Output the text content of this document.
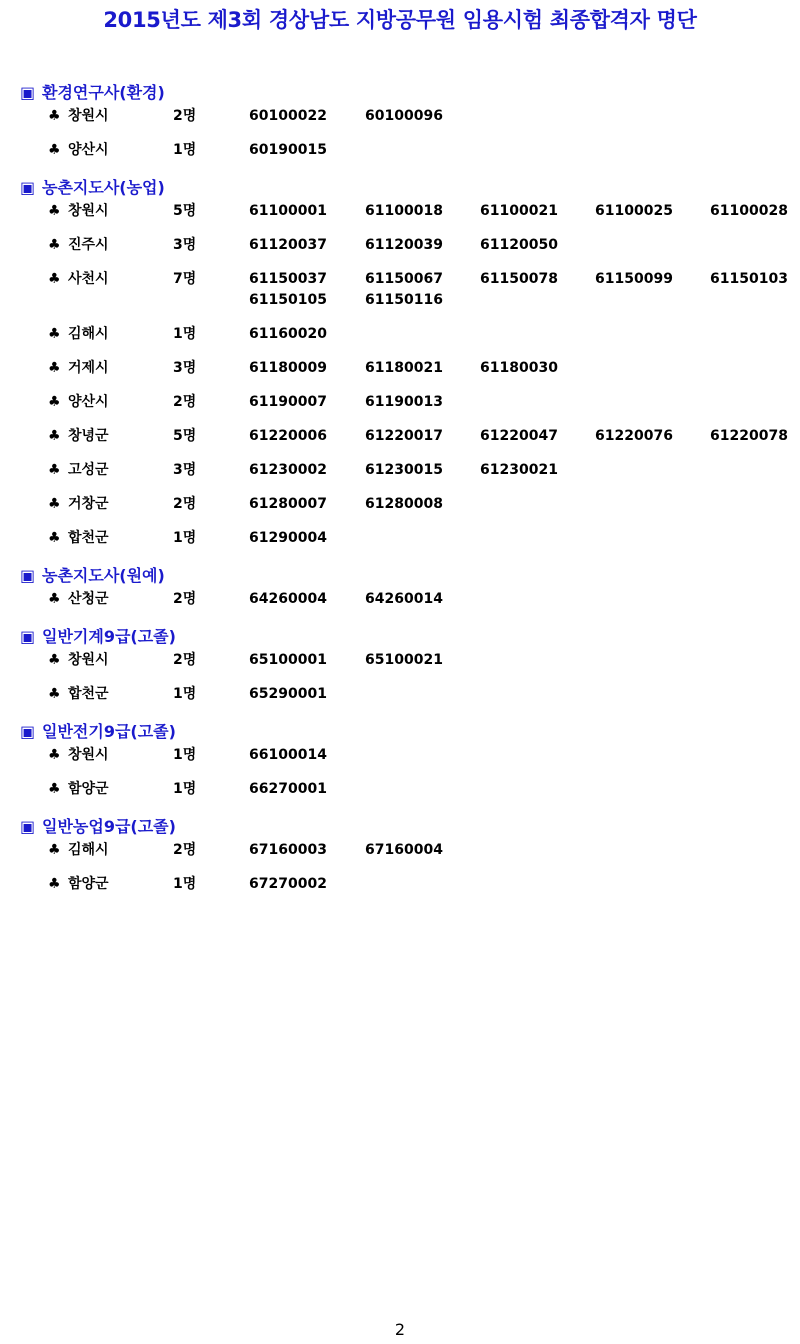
2015년도 제3회 경상남도 지방공무원 임용시험 최종합격자 명단
▣ 환경연구사(환경)
♣ 창원시	2명	60100022	60100096
♣ 양산시	1명	60190015
▣ 농촌지도사(농업)
♣ 창원시	5명	61100001	61100018	61100021	61100025	61100028
♣ 진주시	3명	61120037	61120039	61120050
♣ 사천시	7명	61150037	61150067	61150078	61150099	61150103
61150105	61150116
♣ 김해시	1명	61160020
♣ 거제시	3명	61180009	61180021	61180030
♣ 양산시	2명	61190007	61190013
♣ 창녕군	5명	61220006	61220017	61220047	61220076	61220078
♣ 고성군	3명	61230002	61230015	61230021
♣ 거창군	2명	61280007	61280008
♣ 합천군	1명	61290004
▣ 농촌지도사(원예)
♣ 산청군	2명	64260004	64260014
▣ 일반기계9급(고졸)
♣ 창원시	2명	65100001	65100021
♣ 합천군	1명	65290001
▣ 일반전기9급(고졸)
♣ 창원시	1명	66100014
♣ 함양군	1명	66270001
▣ 일반농업9급(고졸)
♣ 김해시	2명	67160003	67160004
♣ 함양군	1명	67270002
2
